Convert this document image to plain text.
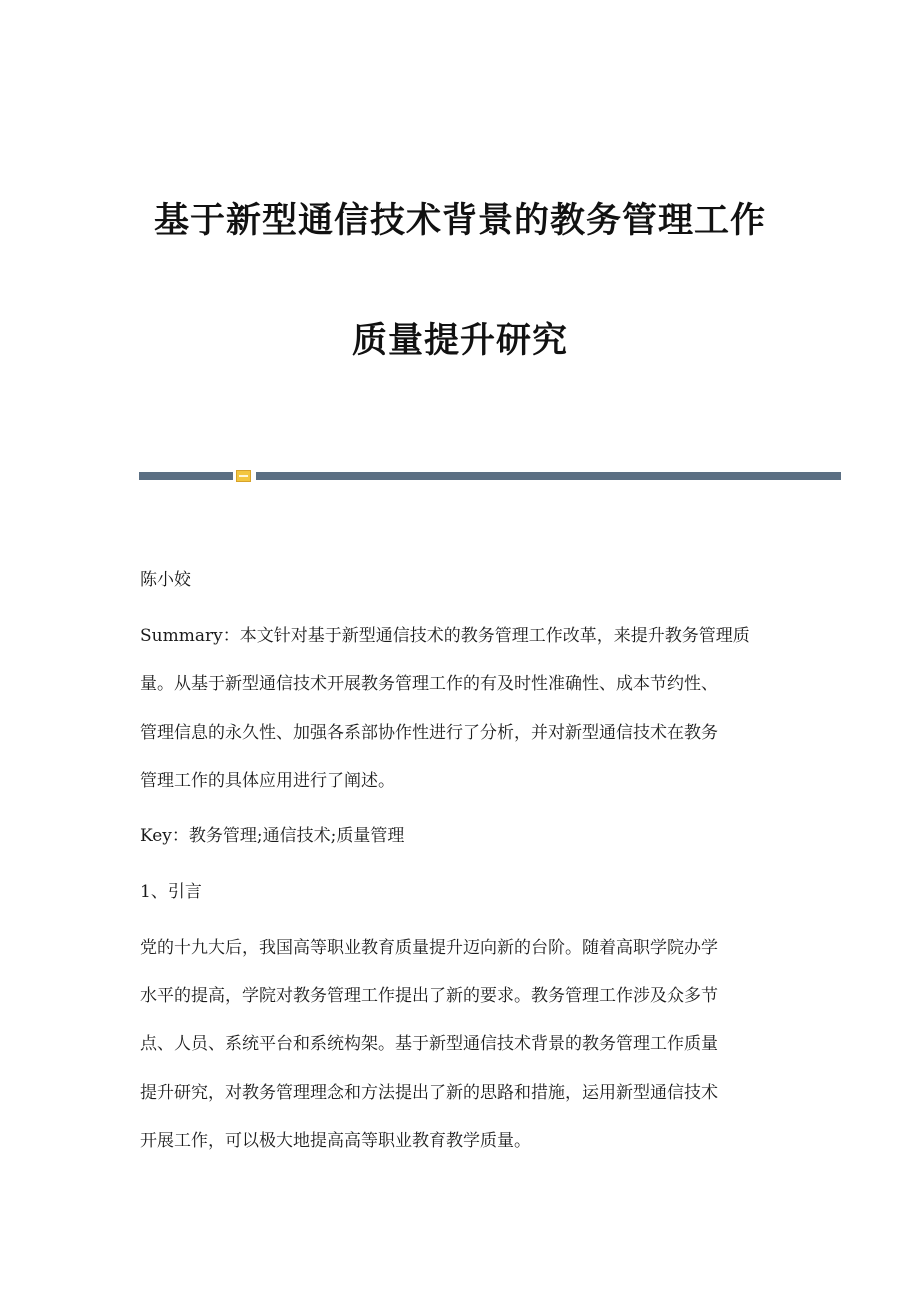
基于新型通信技术背景的教务管理工作
质量提升研究
陈小姣
Summary：本文针对基于新型通信技术的教务管理工作改革，来提升教务管理质
量。从基于新型通信技术开展教务管理工作的有及时性准确性、成本节约性、
管理信息的永久性、加强各系部协作性进行了分析，并对新型通信技术在教务
管理工作的具体应用进行了阐述。
Key：教务管理;通信技术;质量管理
1、引言
党的十九大后，我国高等职业教育质量提升迈向新的台阶。随着高职学院办学
水平的提高，学院对教务管理工作提出了新的要求。教务管理工作涉及众多节
点、人员、系统平台和系统构架。基于新型通信技术背景的教务管理工作质量
提升研究，对教务管理理念和方法提出了新的思路和措施，运用新型通信技术
开展工作，可以极大地提高高等职业教育教学质量。
